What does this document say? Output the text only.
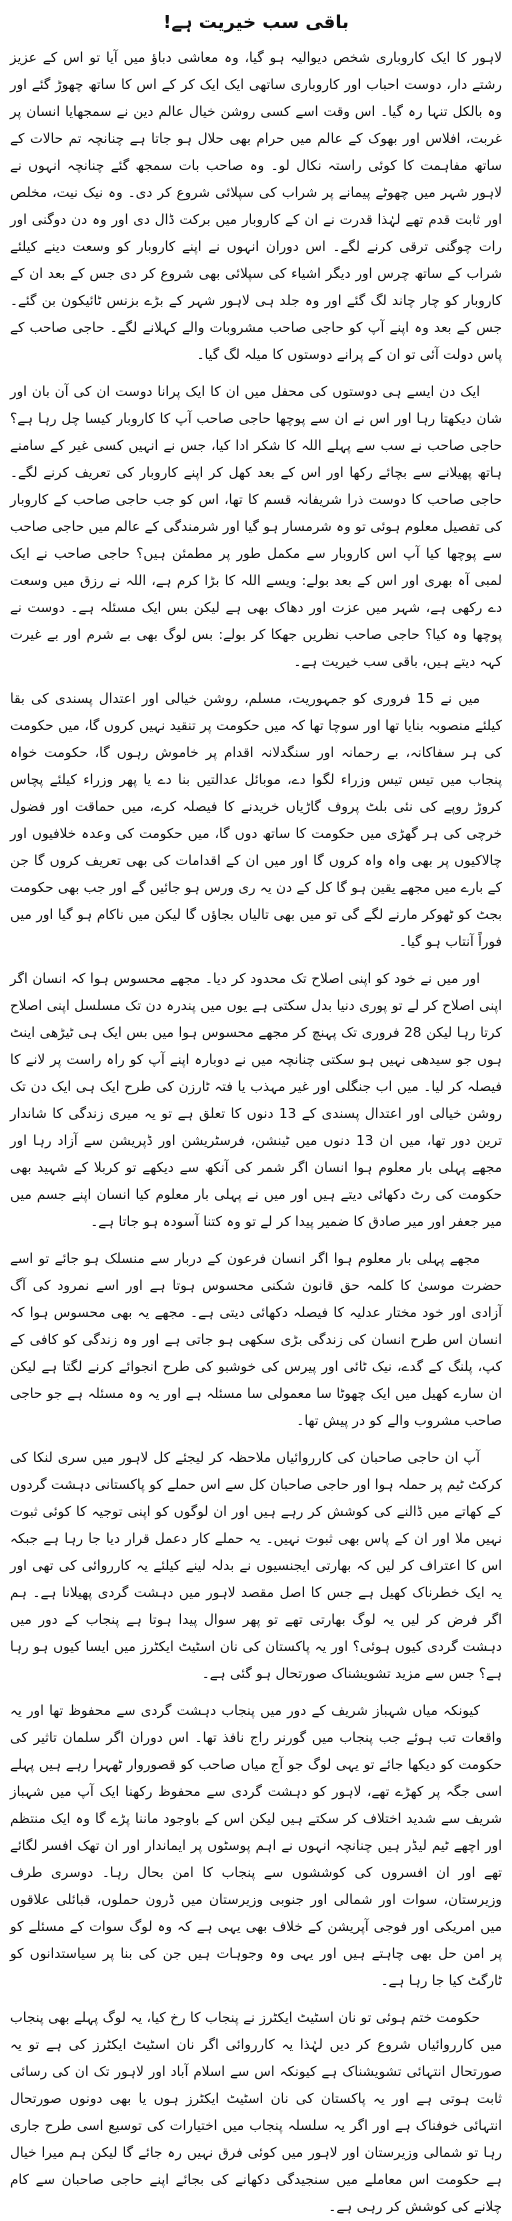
باقی سب خیریت ہے!

لاہور کا ایک کاروباری شخص دیوالیہ ہو گیا، وہ معاشی دباؤ میں آیا تو اس کے عزیز رشتے دار، دوست احباب اور کاروباری ساتھی ایک ایک کر کے اس کا ساتھ چھوڑ گئے اور وہ بالکل تنہا رہ گیا۔ اس وقت اسے کسی روشن خیال عالم دین نے سمجھایا انسان پر غربت، افلاس اور بھوک کے عالم میں حرام بھی حلال ہو جاتا ہے چنانچہ تم حالات کے ساتھ مفاہمت کا کوئی راستہ نکال لو۔ وہ صاحب بات سمجھ گئے چنانچہ انہوں نے لاہور شہر میں چھوٹے پیمانے پر شراب کی سپلائی شروع کر دی۔ وہ نیک نیت، مخلص اور ثابت قدم تھے لہٰذا قدرت نے ان کے کاروبار میں برکت ڈال دی اور وہ دن دوگنی اور رات چوگنی ترقی کرنے لگے۔ اس دوران انہوں نے اپنے کاروبار کو وسعت دینے کیلئے شراب کے ساتھ چرس اور دیگر اشیاء کی سپلائی بھی شروع کر دی جس کے بعد ان کے کاروبار کو چار چاند لگ گئے اور وہ جلد ہی لاہور شہر کے بڑے بزنس ٹائیکون بن گئے۔ جس کے بعد وہ اپنے آپ کو حاجی صاحب مشروبات والے کہلانے لگے۔ حاجی صاحب کے پاس دولت آئی تو ان کے پرانے دوستوں کا میلہ لگ گیا۔

ایک دن ایسے ہی دوستوں کی محفل میں ان کا ایک پرانا دوست ان کی آن بان اور شان دیکھتا رہا اور اس نے ان سے پوچھا حاجی صاحب آپ کا کاروبار کیسا چل رہا ہے؟ حاجی صاحب نے سب سے پہلے اللہ کا شکر ادا کیا، جس نے انہیں کسی غیر کے سامنے ہاتھ پھیلانے سے بچائے رکھا اور اس کے بعد کھل کر اپنے کاروبار کی تعریف کرنے لگے۔ حاجی صاحب کا دوست ذرا شریفانہ قسم کا تھا، اس کو جب حاجی صاحب کے کاروبار کی تفصیل معلوم ہوئی تو وہ شرمسار ہو گیا اور شرمندگی کے عالم میں حاجی صاحب سے پوچھا کیا آپ اس کاروبار سے مکمل طور پر مطمئن ہیں؟ حاجی صاحب نے ایک لمبی آہ بھری اور اس کے بعد بولے: ویسے اللہ کا بڑا کرم ہے، اللہ نے رزق میں وسعت دے رکھی ہے، شہر میں عزت اور دھاک بھی ہے لیکن بس ایک مسئلہ ہے۔ دوست نے پوچھا وہ کیا؟ حاجی صاحب نظریں جھکا کر بولے: بس لوگ بھی بے شرم اور بے غیرت کہہ دیتے ہیں، باقی سب خیریت ہے۔

میں نے 15 فروری کو جمہوریت، مسلم، روشن خیالی اور اعتدال پسندی کی بقا کیلئے منصوبہ بنایا تھا اور سوچا تھا کہ میں حکومت پر تنقید نہیں کروں گا، میں حکومت کی ہر سفاکانہ، بے رحمانہ اور سنگدلانہ اقدام پر خاموش رہوں گا، حکومت خواہ پنجاب میں تیس تیس وزراء لگوا دے، موبائل عدالتیں بنا دے یا پھر وزراء کیلئے پچاس کروڑ روپے کی نئی بلٹ پروف گاڑیاں خریدنے کا فیصلہ کرے، میں حماقت اور فضول خرچی کی ہر گھڑی میں حکومت کا ساتھ دوں گا، میں حکومت کی وعدہ خلافیوں اور چالاکیوں پر بھی واہ واہ کروں گا اور میں ان کے اقدامات کی بھی تعریف کروں گا جن کے بارے میں مجھے یقین ہو گا کل کے دن یہ ری ورس ہو جائیں گے اور جب بھی حکومت بجٹ کو ٹھوکر مارنے لگے گی تو میں بھی تالیاں بجاؤں گا لیکن میں ناکام ہو گیا اور میں فوراً آنتاب ہو گیا۔

اور میں نے خود کو اپنی اصلاح تک محدود کر دیا۔ مجھے محسوس ہوا کہ انسان اگر اپنی اصلاح کر لے تو پوری دنیا بدل سکتی ہے یوں میں پندرہ دن تک مسلسل اپنی اصلاح کرتا رہا لیکن 28 فروری تک پہنچ کر مجھے محسوس ہوا میں بس ایک ہی ٹیڑھی اینٹ ہوں جو سیدھی نہیں ہو سکتی چنانچہ میں نے دوبارہ اپنے آپ کو راہ راست پر لانے کا فیصلہ کر لیا۔ میں اب جنگلی اور غیر مہذب یا فتہ ٹارزن کی طرح ایک ہی ایک دن تک روشن خیالی اور اعتدال پسندی کے 13 دنوں کا تعلق ہے تو یہ میری زندگی کا شاندار ترین دور تھا، میں ان 13 دنوں میں ٹینشن، فرسٹریشن اور ڈپریشن سے آزاد رہا اور مجھے پہلی بار معلوم ہوا انسان اگر شمر کی آنکھ سے دیکھے تو کربلا کے شہید بھی حکومت کی رٹ دکھائی دیتے ہیں اور میں نے پہلی بار معلوم کیا انسان اپنے جسم میں میر جعفر اور میر صادق کا ضمیر پیدا کر لے تو وہ کتنا آسودہ ہو جاتا ہے۔

مجھے پہلی بار معلوم ہوا اگر انسان فرعون کے دربار سے منسلک ہو جائے تو اسے حضرت موسیٰ کا کلمہ حق قانون شکنی محسوس ہوتا ہے اور اسے نمرود کی آگ آزادی اور خود مختار عدلیہ کا فیصلہ دکھائی دیتی ہے۔ مجھے یہ بھی محسوس ہوا کہ انسان اس طرح انسان کی زندگی بڑی سکھی ہو جاتی ہے اور وہ زندگی کو کافی کے کپ، پلنگ کے گدے، نیک ٹائی اور پیرس کی خوشبو کی طرح انجوائے کرنے لگتا ہے لیکن ان سارے کھیل میں ایک چھوٹا سا معمولی سا مسئلہ ہے اور یہ وہ مسئلہ ہے جو حاجی صاحب مشروب والے کو در پیش تھا۔

آپ ان حاجی صاحبان کی کارروائیاں ملاحظہ کر لیجئے کل لاہور میں سری لنکا کی کرکٹ ٹیم پر حملہ ہوا اور حاجی صاحبان کل سے اس حملے کو پاکستانی دہشت گردوں کے کھاتے میں ڈالنے کی کوشش کر رہے ہیں اور ان لوگوں کو اپنی توجیہ کا کوئی ثبوت نہیں ملا اور ان کے پاس بھی ثبوت نہیں۔ یہ حملے کار دعمل قرار دیا جا رہا ہے جبکہ اس کا اعتراف کر لیں کہ بھارتی ایجنسیوں نے بدلہ لینے کیلئے یہ کارروائی کی تھی اور یہ ایک خطرناک کھیل ہے جس کا اصل مقصد لاہور میں دہشت گردی پھیلانا ہے۔ ہم اگر فرض کر لیں یہ لوگ بھارتی تھے تو پھر سوال پیدا ہوتا ہے پنجاب کے دور میں دہشت گردی کیوں ہوئی؟ اور یہ پاکستان کی نان اسٹیٹ ایکٹرز میں ایسا کیوں ہو رہا ہے؟ جس سے مزید تشویشناک صورتحال ہو گئی ہے۔

کیونکہ میاں شہباز شریف کے دور میں پنجاب دہشت گردی سے محفوظ تھا اور یہ واقعات تب ہوئے جب پنجاب میں گورنر راج نافذ تھا۔ اس دوران اگر سلمان تاثیر کی حکومت کو دیکھا جائے تو یہی لوگ جو آج میاں صاحب کو قصوروار ٹھہرا رہے ہیں پہلے اسی جگہ پر کھڑے تھے، لاہور کو دہشت گردی سے محفوظ رکھنا ایک آپ میں شہباز شریف سے شدید اختلاف کر سکتے ہیں لیکن اس کے باوجود ماننا پڑے گا وہ ایک منتظم اور اچھے ٹیم لیڈر ہیں چنانچہ انہوں نے اہم پوسٹوں پر ایماندار اور ان تھک افسر لگائے تھے اور ان افسروں کی کوششوں سے پنجاب کا امن بحال رہا۔ دوسری طرف وزیرستان، سوات اور شمالی اور جنوبی وزیرستان میں ڈرون حملوں، قبائلی علاقوں میں امریکی اور فوجی آپریشن کے خلاف بھی یہی ہے کہ وہ لوگ سوات کے مسئلے کو پر امن حل بھی چاہتے ہیں اور یہی وہ وجوہات ہیں جن کی بنا پر سیاستدانوں کو ٹارگٹ کیا جا رہا ہے۔

حکومت ختم ہوئی تو نان اسٹیٹ ایکٹرز نے پنجاب کا رخ کیا، یہ لوگ پہلے بھی پنجاب میں کارروائیاں شروع کر دیں لہٰذا یہ کارروائی اگر نان اسٹیٹ ایکٹرز کی ہے تو یہ صورتحال انتہائی تشویشناک ہے کیونکہ اس سے اسلام آباد اور لاہور تک ان کی رسائی ثابت ہوتی ہے اور یہ پاکستان کی نان اسٹیٹ ایکٹرز ہوں یا بھی دونوں صورتحال انتہائی خوفناک ہے اور اگر یہ سلسلہ پنجاب میں اختیارات کی توسیع اسی طرح جاری رہا تو شمالی وزیرستان اور لاہور میں کوئی فرق نہیں رہ جائے گا لیکن ہم میرا خیال ہے حکومت اس معاملے میں سنجیدگی دکھانے کی بجائے اپنے حاجی صاحبان سے کام چلانے کی کوشش کر رہی ہے۔
